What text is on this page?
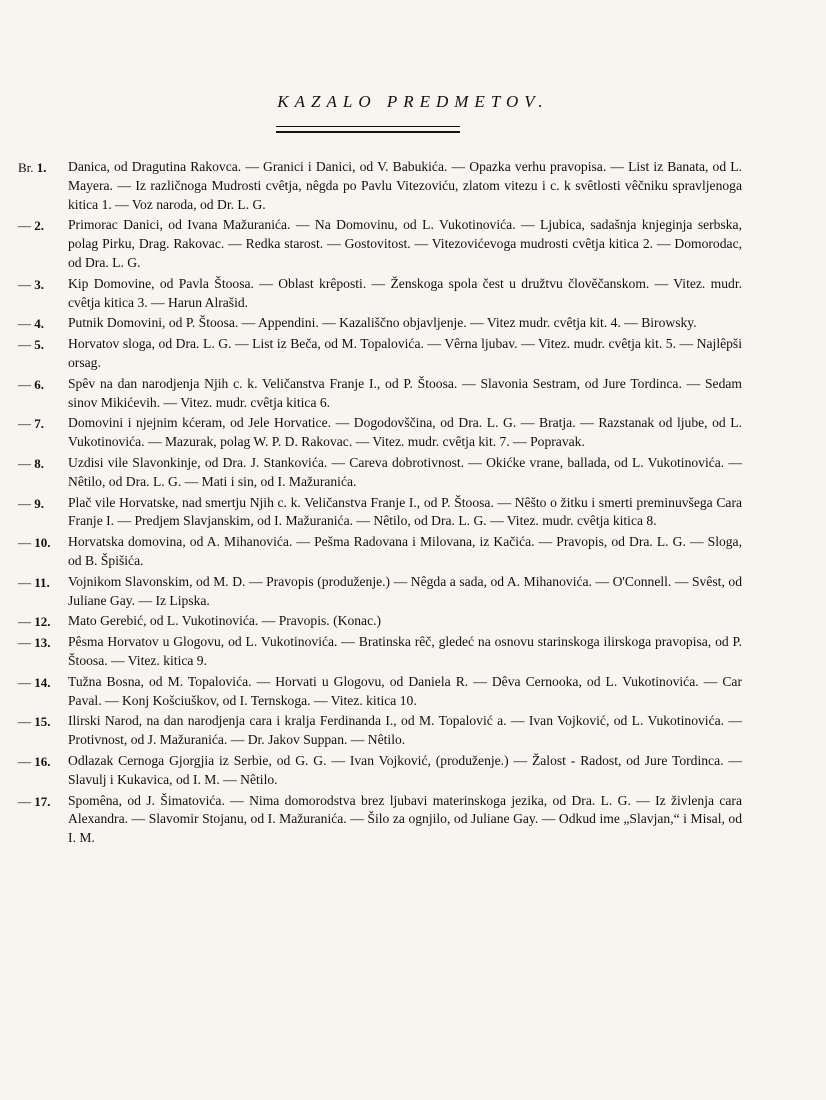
KAZALO PREDMETOV.
Br. 1.	Danica, od Dragutina Rakovca. — Granici i Danici, od V. Babukića. — Opazka verhu pravopisa. — List iz Banata, od L. Mayera. — Iz različnoga Mudrosti cvêtja, nêgda po Pavlu Vitezoviću, zlatom vitezu i c. k svêtlosti vêčniku spravljenoga kitica 1. — Voz naroda, od Dr. L. G.
— 2.	Primorac Danici, od Ivana Mažuranića. — Na Domovinu, od L. Vukotinovića. — Ljubica, sadašnja knjeginja serbska, polag Pirku, Drag. Rakovac. — Redka starost. — Gostovitost. — Vitezovićevoga mudrosti cvêtja kitica 2. — Domorodac, od Dra. L. G.
— 3.	Kip Domovine, od Pavla Štoosa. — Oblast krêposti. — Ženskoga spola čest u družtvu člověčanskom. — Vitez. mudr. cvêtja kitica 3. — Harun Alrašid.
— 4.	Putnik Domovini, od P. Štoosa. — Appendini. — Kazališčno objavljenje. — Vitez mudr. cvêtja kit. 4. — Birowsky.
— 5.	Horvatov sloga, od Dra. L. G. — List iz Beča, od M. Topalovića. — Vêrna ljubav. — Vitez. mudr. cvêtja kit. 5. — Najlêpši orsag.
— 6.	Spêv na dan narodjenja Njih c. k. Veličanstva Franje I., od P. Štoosa. — Slavonia Sestram, od Jure Tordinca. — Sedam sinov Mikićevih. — Vitez. mudr. cvêtja kitica 6.
— 7.	Domovini i njejnim kćeram, od Jele Horvatice. — Dogodovščina, od Dra. L. G. — Bratja. — Razstanak od ljube, od L. Vukotinovića. — Mazurak, polag W. P. D. Rakovac. — Vitez. mudr. cvêtja kit. 7. — Popravak.
— 8.	Uzdisi vile Slavonkinje, od Dra. J. Stankovića. — Careva dobrotivnost. — Okićke vrane, ballada, od L. Vukotinovića. — Nêtilo, od Dra. L. G. — Mati i sin, od I. Mažuranića.
— 9.	Plač vile Horvatske, nad smertju Njih c. k. Veličanstva Franje I., od P. Štoosa. — Nêšto o žitku i smerti preminuvšega Cara Franje I. — Predjem Slavjanskim, od I. Mažuranića. — Nêtilo, od Dra. L. G. — Vitez. mudr. cvêtja kitica 8.
— 10.	Horvatska domovina, od A. Mihanovića. — Pešma Radovana i Milovana, iz Kačića. — Pravopis, od Dra. L. G. — Sloga, od B. Špišića.
— 11.	Vojnikom Slavonskim, od M. D. — Pravopis (produženje.) — Nêgda a sada, od A. Mihanovića. — O'Connell. — Svêst, od Juliane Gay. — Iz Lipska.
— 12.	Mato Gerebić, od L. Vukotinovića. — Pravopis. (Konac.)
— 13.	Pêsma Horvatov u Glogovu, od L. Vukotinovića. — Bratinska rêč, gledeć na osnovu starinskoga ilirskoga pravopisa, od P. Štoosa. — Vitez. kitica 9.
— 14.	Tužna Bosna, od M. Topalovića. — Horvati u Glogovu, od Daniela R. — Dêva Cernooka, od L. Vukotinovića. — Car Paval. — Konj Košciuškov, od I. Ternskoga. — Vitez. kitica 10.
— 15.	Ilirski Narod, na dan narodjenja cara i kralja Ferdinanda I., od M. Topalović a. — Ivan Vojković, od L. Vukotinovića. — Protivnost, od J. Mažuranića. — Dr. Jakov Suppan. — Nêtilo.
— 16.	Odlazak Cernoga Gjorgjia iz Serbie, od G. G. — Ivan Vojković, (produženje.) — Žalost - Radost, od Jure Tordinca. — Slavulj i Kukavica, od I. M. — Nêtilo.
— 17.	Spomêna, od J. Šimatovića. — Nima domorodstva brez ljubavi materinskoga jezika, od Dra. L. G. — Iz živlenja cara Alexandra. — Slavomir Stojanu, od I. Mažuranića. — Šilo za ognjilo, od Juliane Gay. — Odkud ime „Slavjan,“ i Misal, od I. M.
